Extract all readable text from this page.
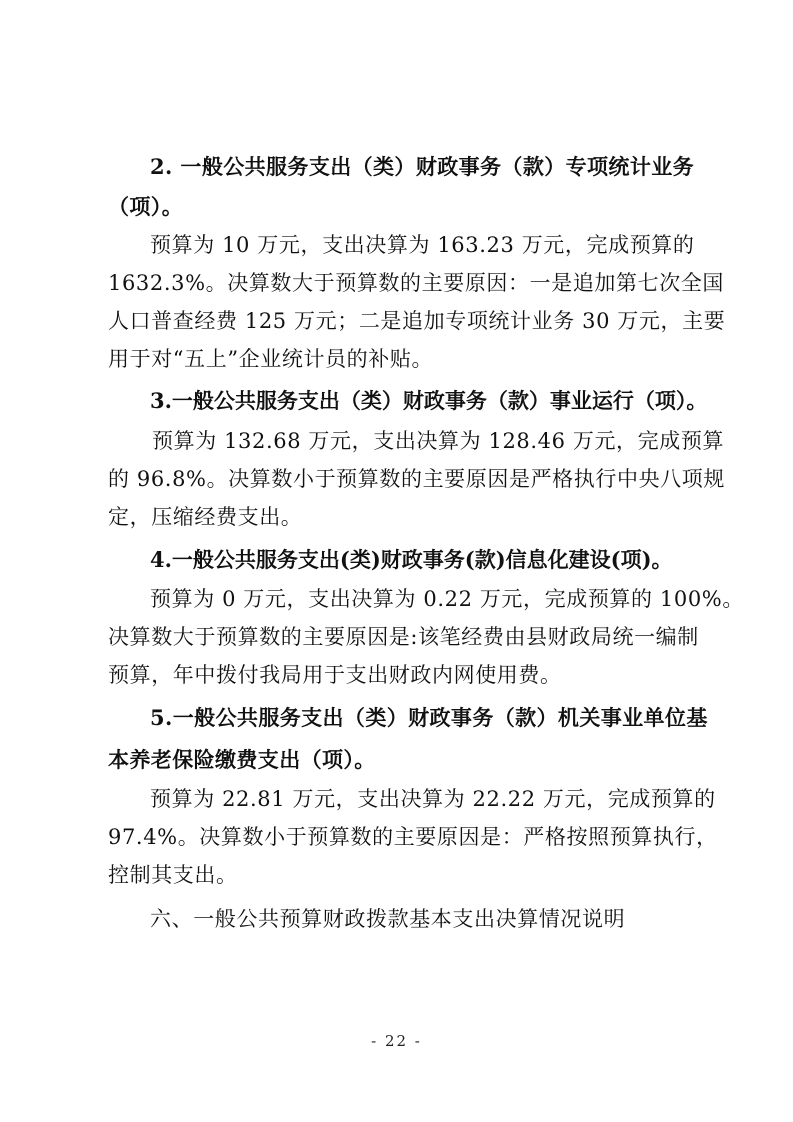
2. 一般公共服务支出（类）财政事务（款）专项统计业务
（项）。
预算为 10 万元，支出决算为 163.23 万元，完成预算的
1632.3%。决算数大于预算数的主要原因：一是追加第七次全国
人口普查经费 125 万元；二是追加专项统计业务 30 万元，主要
用于对“五上”企业统计员的补贴。
3.一般公共服务支出（类）财政事务（款）事业运行（项）。
预算为 132.68 万元，支出决算为 128.46 万元，完成预算
的 96.8%。决算数小于预算数的主要原因是严格执行中央八项规
定，压缩经费支出。
4.一般公共服务支出(类)财政事务(款)信息化建设(项)。
预算为 0 万元，支出决算为 0.22 万元，完成预算的 100%。
决算数大于预算数的主要原因是:该笔经费由县财政局统一编制
预算，年中拨付我局用于支出财政内网使用费。
5.一般公共服务支出（类）财政事务（款）机关事业单位基
本养老保险缴费支出（项）。
预算为 22.81 万元，支出决算为 22.22 万元，完成预算的
97.4%。决算数小于预算数的主要原因是：严格按照预算执行，
控制其支出。
六、一般公共预算财政拨款基本支出决算情况说明
- 22 -
